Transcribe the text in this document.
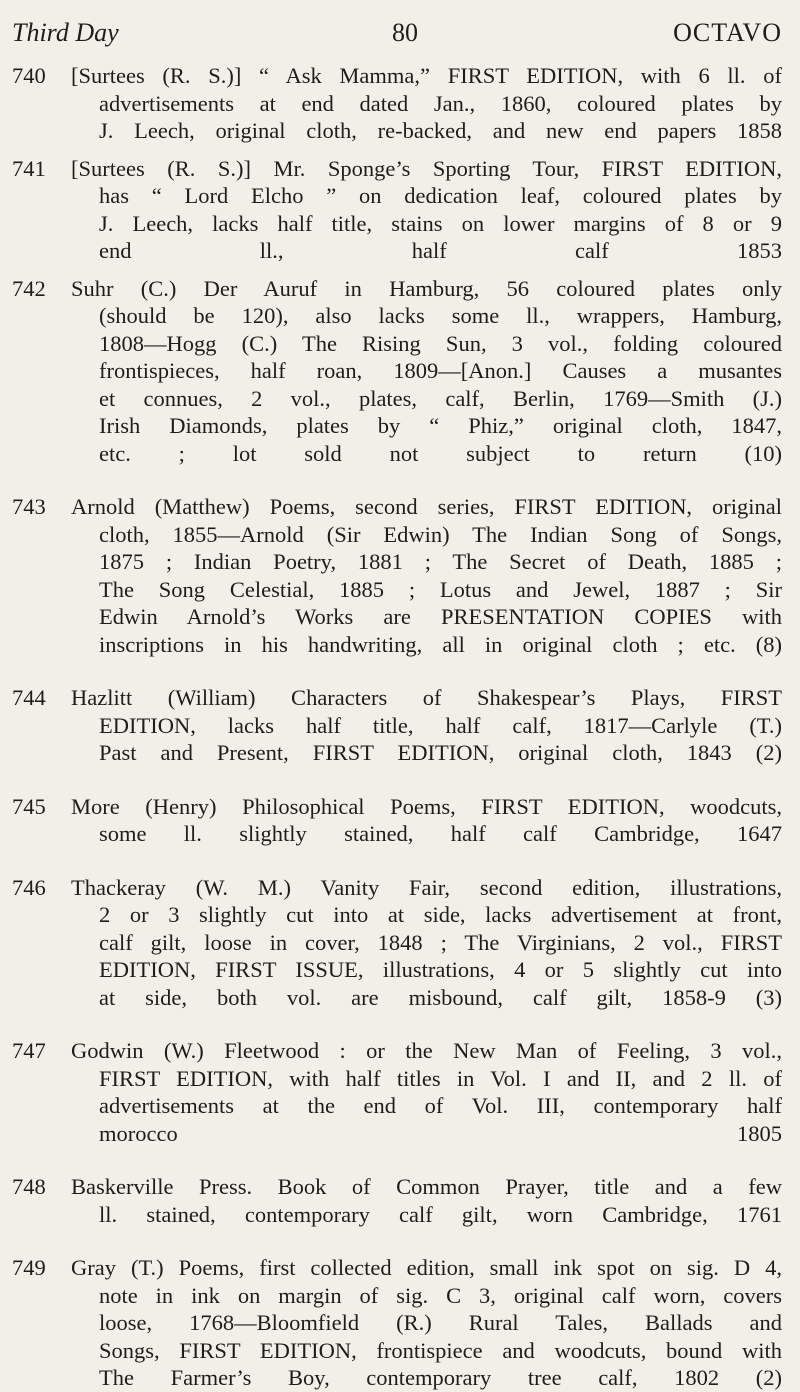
Third Day	80	OCTAVO
740	[Surtees (R. S.)] “ Ask Mamma,” FIRST EDITION, with 6 ll. of
advertisements at end dated Jan., 1860, coloured plates by
J. Leech, original cloth, re-backed, and new end papers 1858
741	[Surtees (R. S.)] Mr. Sponge’s Sporting Tour, FIRST EDITION,
has “ Lord Elcho ” on dedication leaf, coloured plates by
J. Leech, lacks half title, stains on lower margins of 8 or 9
end ll., half calf 1853
742	Suhr (C.) Der Auruf in Hamburg, 56 coloured plates only
(should be 120), also lacks some ll., wrappers, Hamburg,
1808—Hogg (C.) The Rising Sun, 3 vol., folding coloured
frontispieces, half roan, 1809—[Anon.] Causes a musantes
et connues, 2 vol., plates, calf, Berlin, 1769—Smith (J.)
Irish Diamonds, plates by “ Phiz,” original cloth, 1847,
etc. ; lot sold not subject to return (10)
743	Arnold (Matthew) Poems, second series, FIRST EDITION, original
cloth, 1855—Arnold (Sir Edwin) The Indian Song of Songs,
1875 ; Indian Poetry, 1881 ; The Secret of Death, 1885 ;
The Song Celestial, 1885 ; Lotus and Jewel, 1887 ; Sir
Edwin Arnold’s Works are PRESENTATION COPIES with
inscriptions in his handwriting, all in original cloth ; etc. (8)
744	Hazlitt (William) Characters of Shakespear’s Plays, FIRST
EDITION, lacks half title, half calf, 1817—Carlyle (T.)
Past and Present, FIRST EDITION, original cloth, 1843 (2)
745	More (Henry) Philosophical Poems, FIRST EDITION, woodcuts,
some ll. slightly stained, half calf Cambridge, 1647
746	Thackeray (W. M.) Vanity Fair, second edition, illustrations,
2 or 3 slightly cut into at side, lacks advertisement at front,
calf gilt, loose in cover, 1848 ; The Virginians, 2 vol., FIRST
EDITION, FIRST ISSUE, illustrations, 4 or 5 slightly cut into
at side, both vol. are misbound, calf gilt, 1858-9 (3)
747	Godwin (W.) Fleetwood : or the New Man of Feeling, 3 vol.,
FIRST EDITION, with half titles in Vol. I and II, and 2 ll. of
advertisements at the end of Vol. III, contemporary half
morocco 1805
748	Baskerville Press. Book of Common Prayer, title and a few
ll. stained, contemporary calf gilt, worn Cambridge, 1761
749	Gray (T.) Poems, first collected edition, small ink spot on sig. D 4,
note in ink on margin of sig. C 3, original calf worn, covers
loose, 1768—Bloomfield (R.) Rural Tales, Ballads and
Songs, FIRST EDITION, frontispiece and woodcuts, bound with
The Farmer’s Boy, contemporary tree calf, 1802 (2)
